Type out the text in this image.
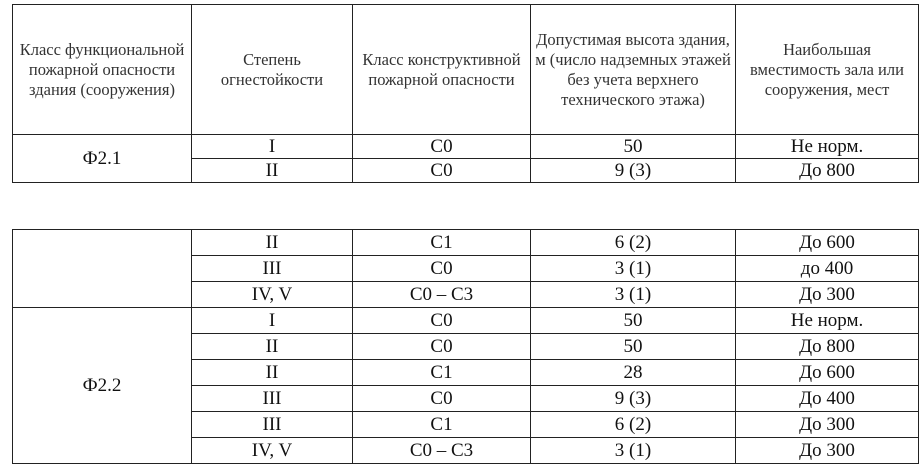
Класс функциональной пожарной опасности здания (сооружения)	Степень огнестойкости	Класс конструктивной пожарной опасности	Допустимая высота здания, м (число надземных этажей без учета верхнего технического этажа)	Наибольшая вместимость зала или сооружения, мест
Ф2.1	I	С0	50	Не норм.
	II	С0	9 (3)	До 800
	II	С1	6 (2)	До 600
	III	С0	3 (1)	до 400
	IV, V	С0 – С3	3 (1)	До 300
Ф2.2	I	С0	50	Не норм.
	II	С0	50	До 800
	II	С1	28	До 600
	III	С0	9 (3)	До 400
	III	С1	6 (2)	До 300
	IV, V	С0 – С3	3 (1)	До 300
